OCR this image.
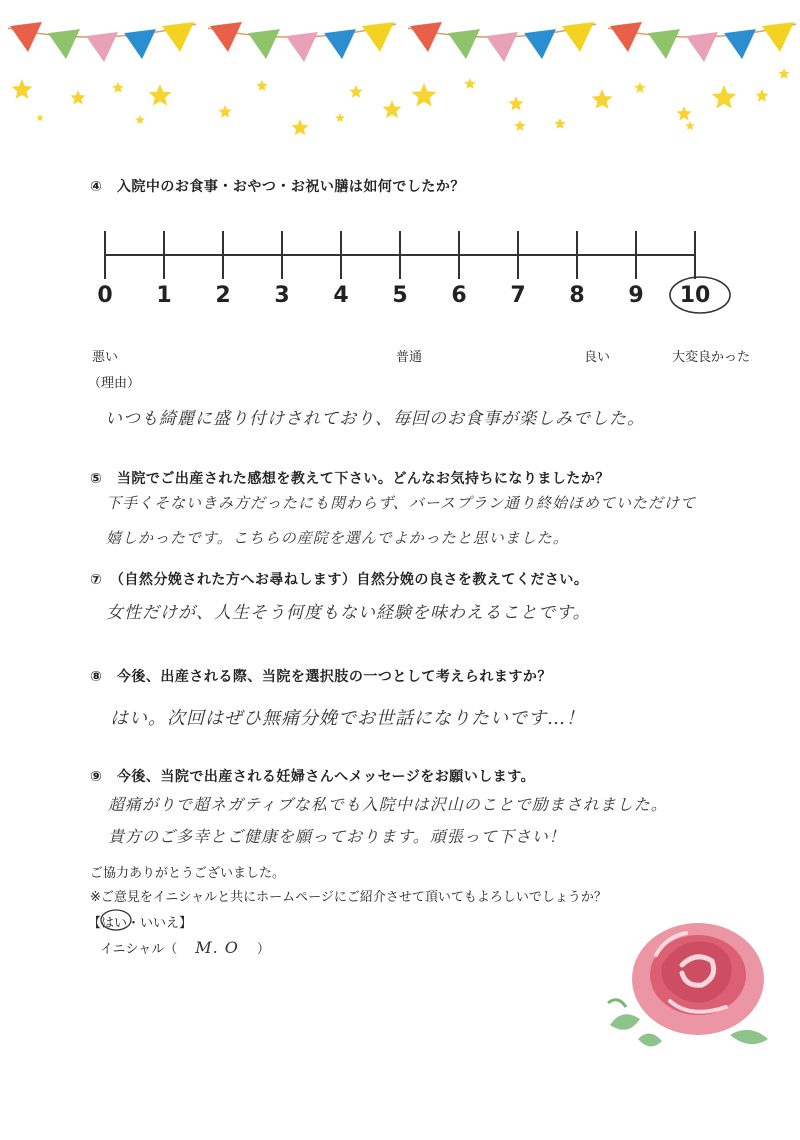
④　入院中のお食事・おやつ・お祝い膳は如何でしたか？
0	1	2	3	4	5	6	7	8	9	10
悪い	普通	良い	大変良かった
（理由）
いつも綺麗に盛り付けされており、毎回のお食事が楽しみでした。
⑤　当院でご出産された感想を教えて下さい。どんなお気持ちになりましたか？
下手くそないきみ方だったにも関わらず、バースプラン通り終始ほめていただけて
嬉しかったです。こちらの産院を選んでよかったと思いました。
⑦　（自然分娩された方へお尋ねします）自然分娩の良さを教えてください。
女性だけが、人生そう何度もない経験を味わえることです。
⑧　今後、出産される際、当院を選択肢の一つとして考えられますか？
はい。次回はぜひ無痛分娩でお世話になりたいです…！
⑨　今後、当院で出産される妊婦さんへメッセージをお願いします。
超痛がりで超ネガティブな私でも入院中は沢山のことで励まされました。
貴方のご多幸とご健康を願っております。頑張って下さい！
ご協力ありがとうございました。
※ご意見をイニシャルと共にホームページにご紹介させて頂いてもよろしいでしょうか？
【はい・いいえ】
イニシャル（ M. O ）
